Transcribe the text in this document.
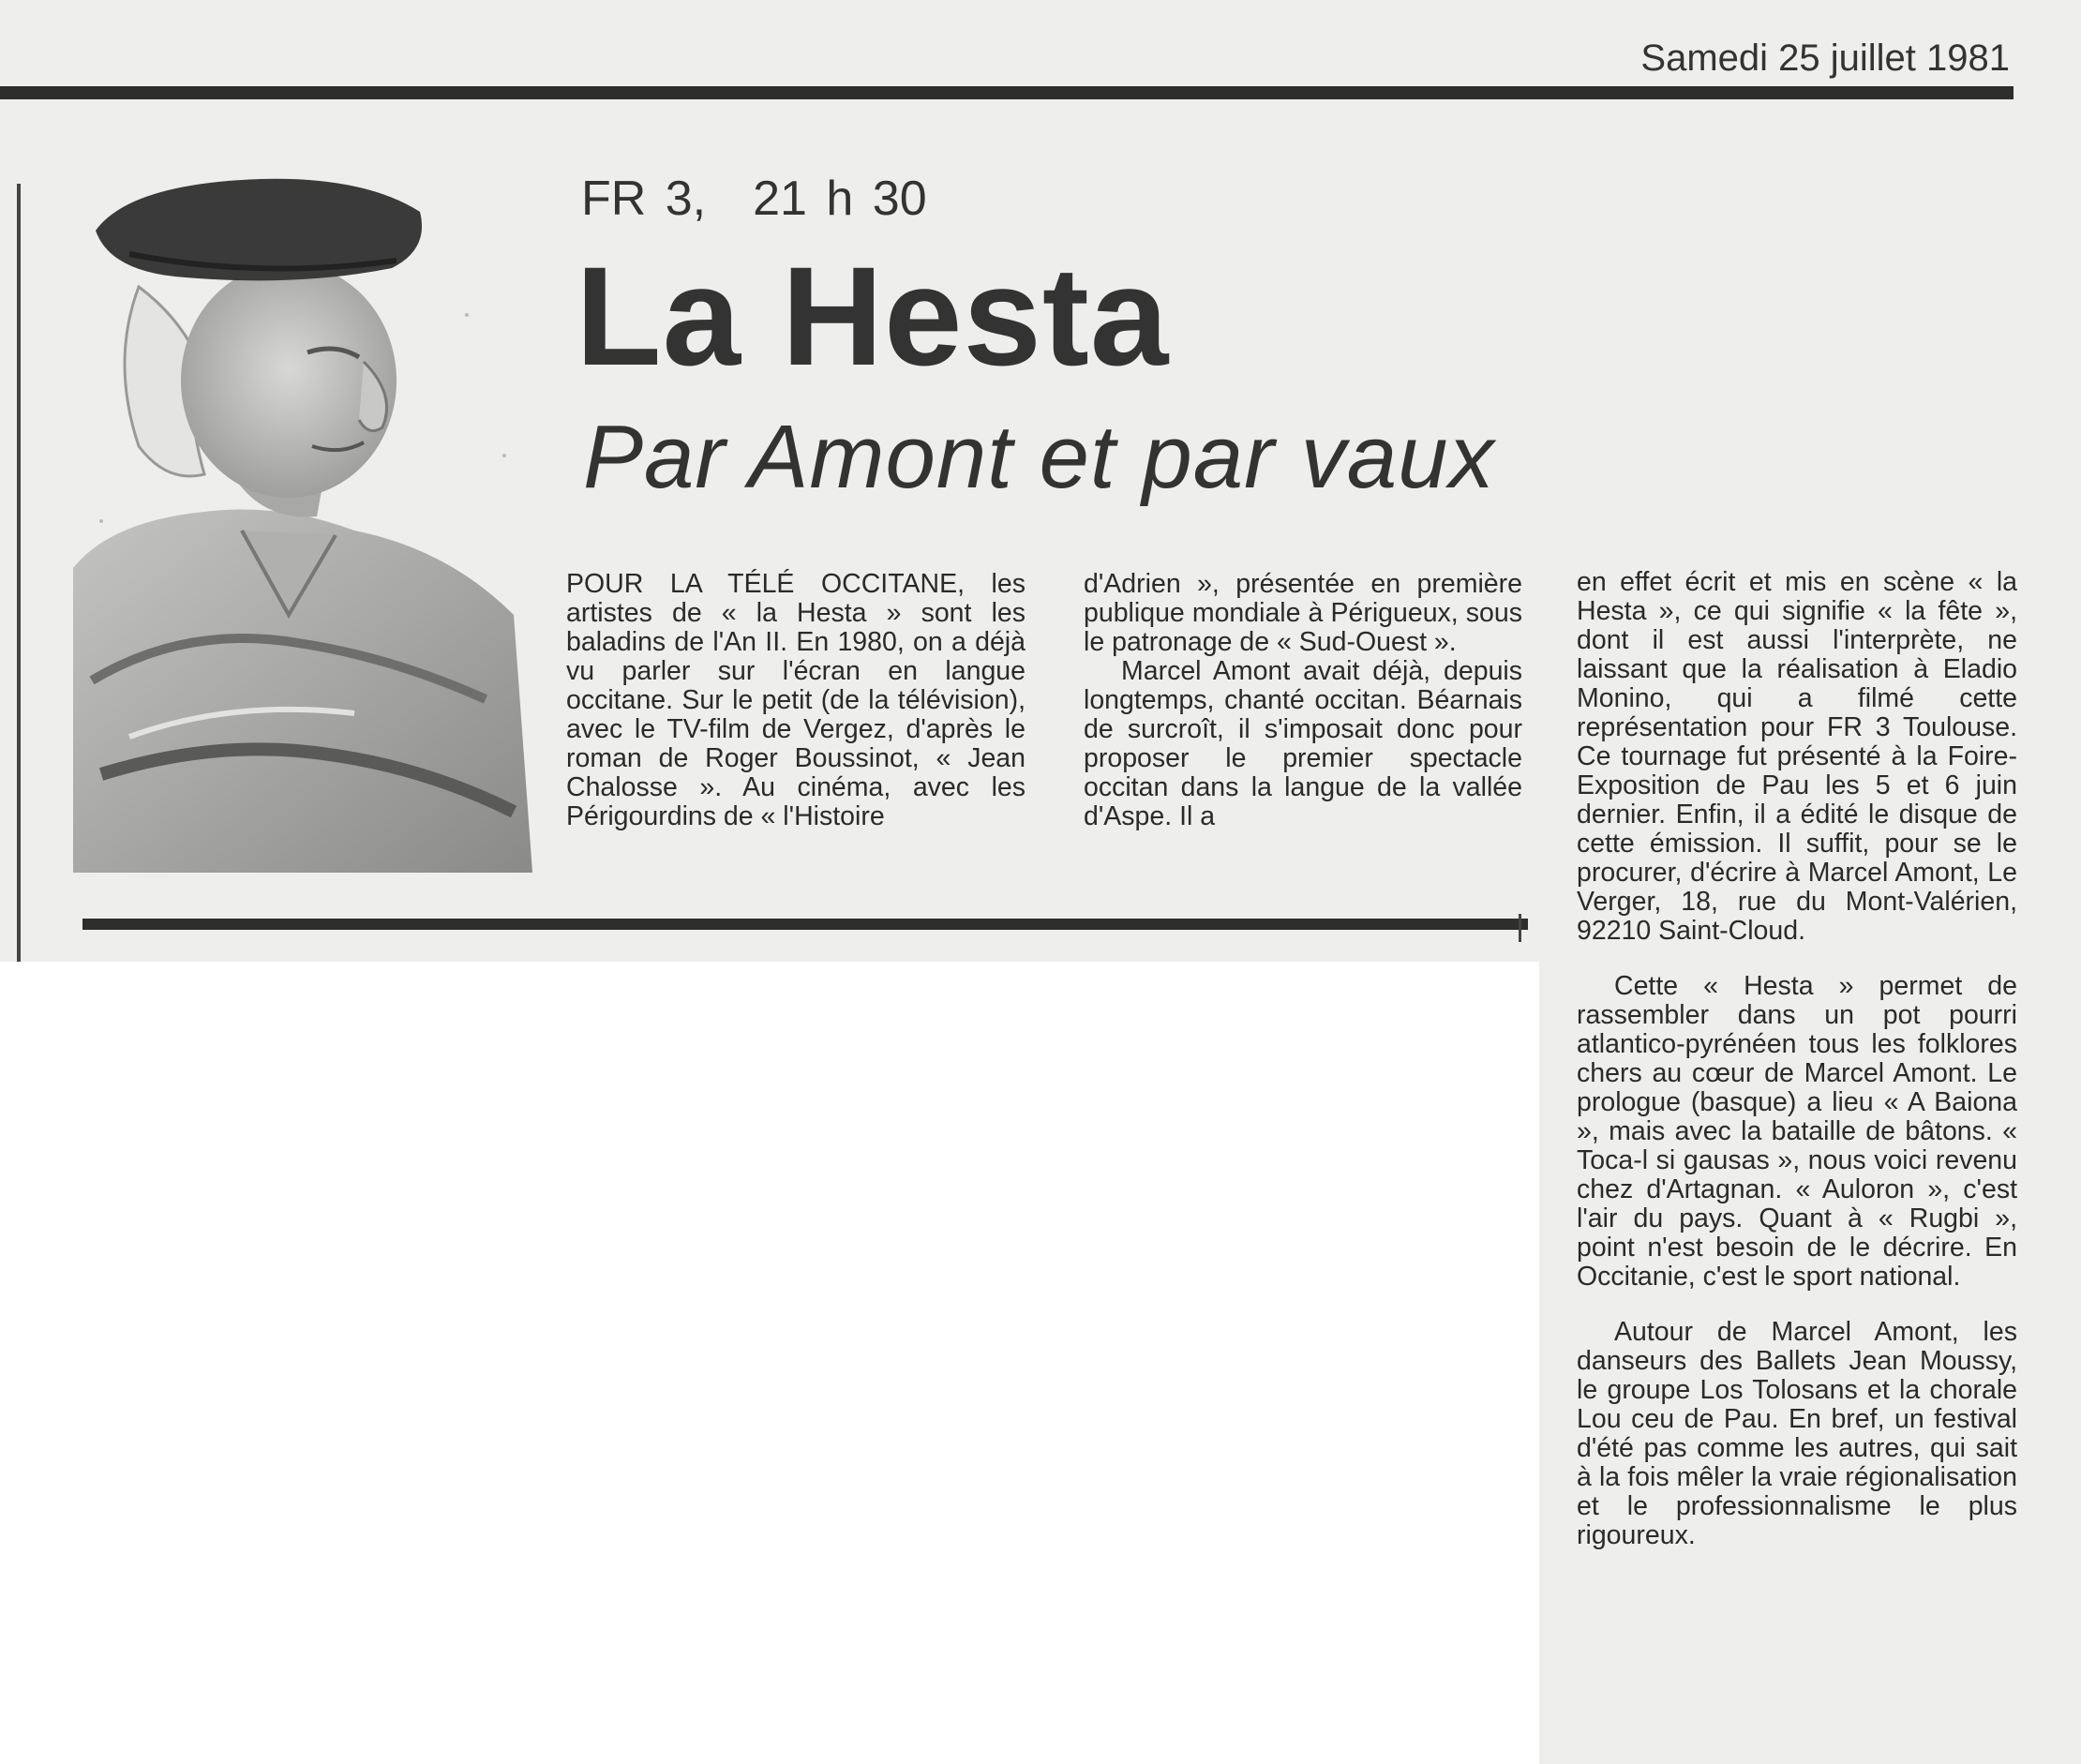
Samedi 25 juillet 1981
FR 3, 21 h 30
La Hesta
Par Amont et par vaux

POUR LA TÉLÉ OCCITANE, les artistes de « la Hesta » sont les baladins de l'An II. En 1980, on a déjà vu parler sur l'écran en langue occitane. Sur le petit (de la télévision), avec le TV-film de Vergez, d'après le roman de Roger Boussinot, « Jean Chalosse ». Au cinéma, avec les Périgourdins de « l'Histoire

d'Adrien », présentée en première publique mondiale à Périgueux, sous le patronage de « Sud-Ouest ».

Marcel Amont avait déjà, depuis longtemps, chanté occitan. Béarnais de surcroît, il s'imposait donc pour proposer le premier spectacle occitan dans la langue de la vallée d'Aspe. Il a

en effet écrit et mis en scène « la Hesta », ce qui signifie « la fête », dont il est aussi l'interprète, ne laissant que la réalisation à Eladio Monino, qui a filmé cette représentation pour FR 3 Toulouse. Ce tournage fut présenté à la Foire-Exposition de Pau les 5 et 6 juin dernier. Enfin, il a édité le disque de cette émission. Il suffit, pour se le procurer, d'écrire à Marcel Amont, Le Verger, 18, rue du Mont-Valérien, 92210 Saint-Cloud.

Cette « Hesta » permet de rassembler dans un pot pourri atlantico-pyrénéen tous les folklores chers au cœur de Marcel Amont. Le prologue (basque) a lieu « A Baiona », mais avec la bataille de bâtons. « Toca-l si gausas », nous voici revenu chez d'Artagnan. « Auloron », c'est l'air du pays. Quant à « Rugbi », point n'est besoin de le décrire. En Occitanie, c'est le sport national.

Autour de Marcel Amont, les danseurs des Ballets Jean Moussy, le groupe Los Tolosans et la chorale Lou ceu de Pau. En bref, un festival d'été pas comme les autres, qui sait à la fois mêler la vraie régionalisation et le professionnalisme le plus rigoureux.
